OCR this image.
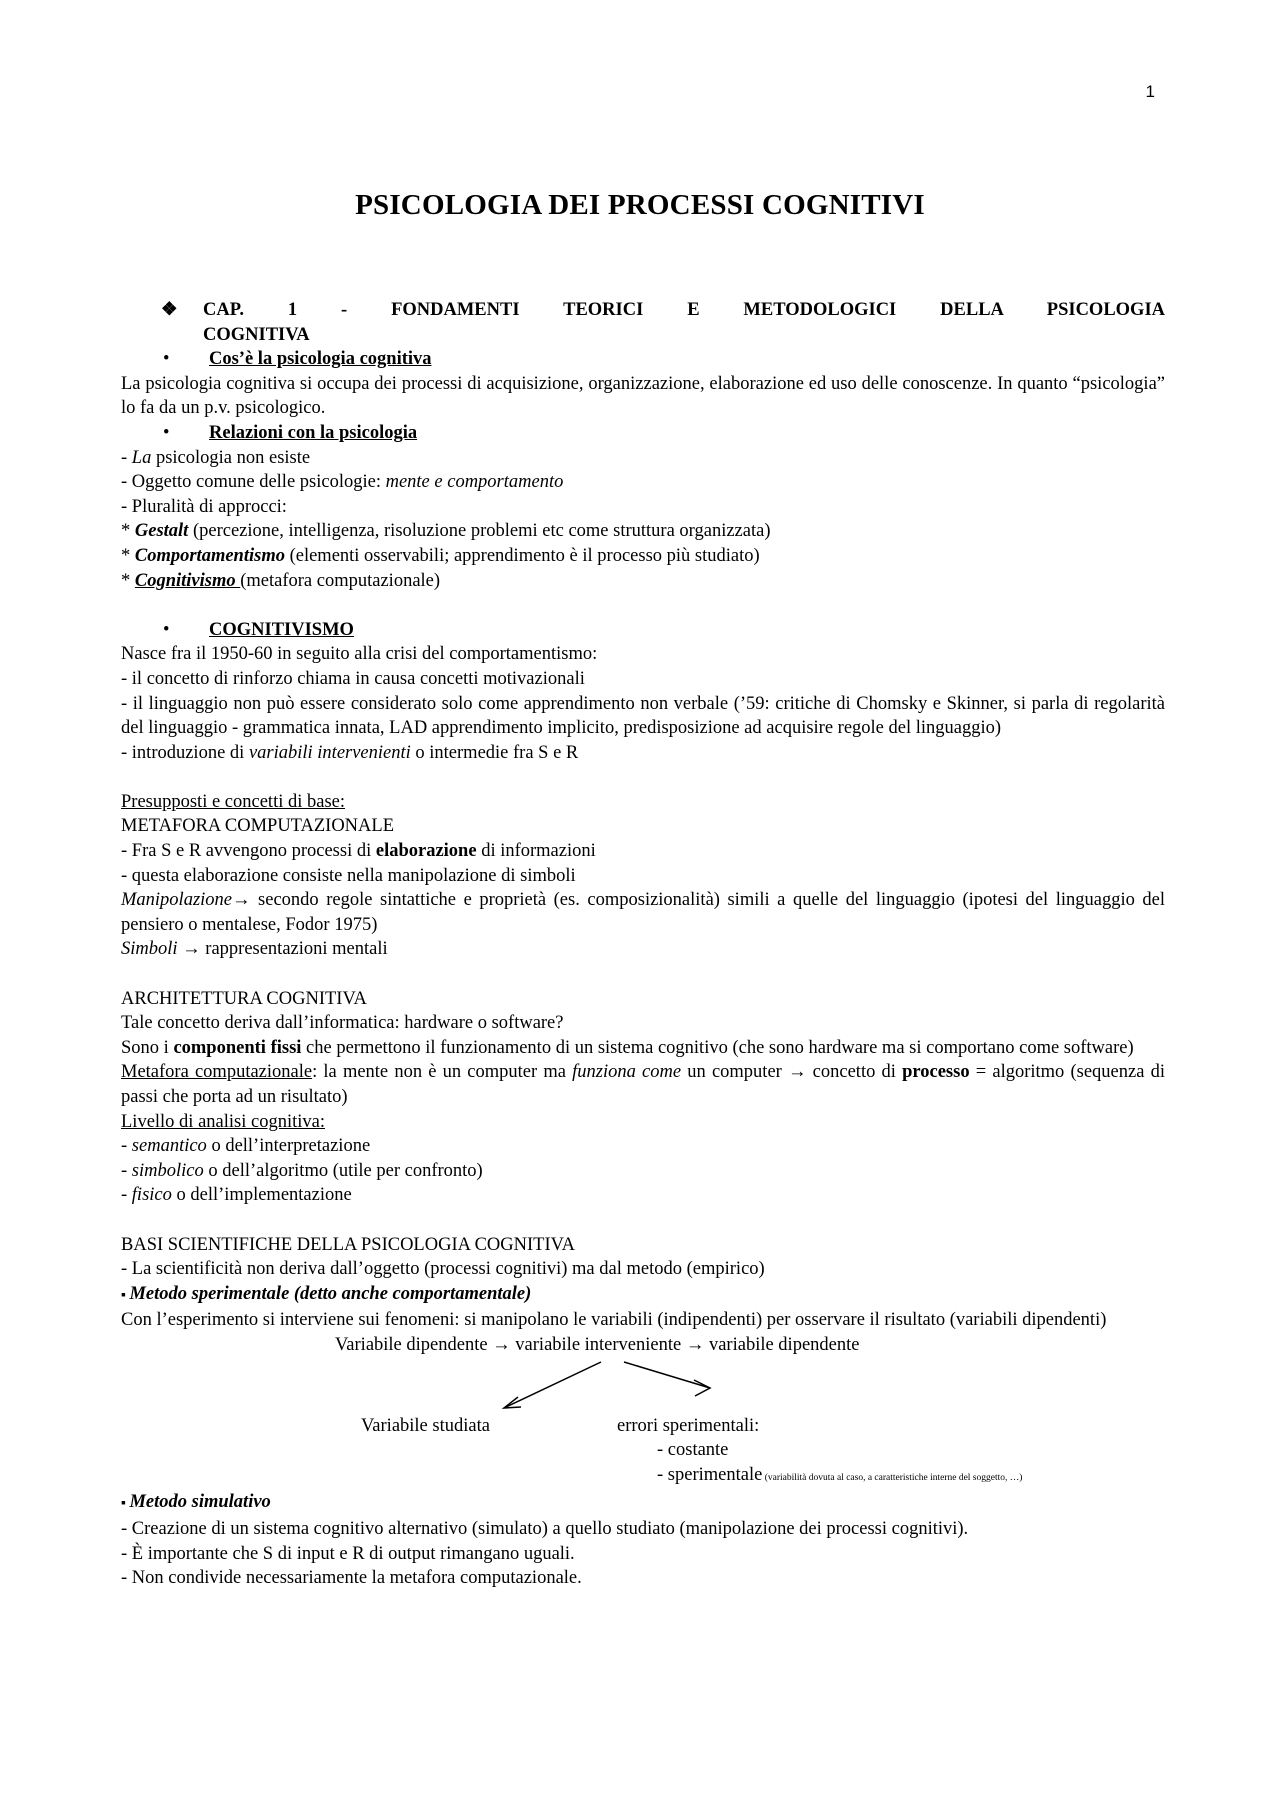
1
PSICOLOGIA DEI PROCESSI COGNITIVI
❖	CAP. 1 - FONDAMENTI TEORICI E METODOLOGICI DELLA PSICOLOGIA

COGNITIVA

•	Cos’è la psicologia cognitiva

La psicologia cognitiva si occupa dei processi di acquisizione, organizzazione, elaborazione ed uso delle conoscenze. In quanto “psicologia” lo fa da un p.v. psicologico.

•	Relazioni con la psicologia

- La psicologia non esiste

- Oggetto comune delle psicologie: mente e comportamento

- Pluralità di approcci:

* Gestalt (percezione, intelligenza, risoluzione problemi etc come struttura organizzata)

* Comportamentismo (elementi osservabili; apprendimento è il processo più studiato)

* Cognitivismo (metafora computazionale)

•	COGNITIVISMO

Nasce fra il 1950-60 in seguito alla crisi del comportamentismo:

- il concetto di rinforzo chiama in causa concetti motivazionali

- il linguaggio non può essere considerato solo come apprendimento non verbale (’59: critiche di Chomsky e Skinner, si parla di regolarità del linguaggio - grammatica innata, LAD apprendimento implicito, predisposizione ad acquisire regole del linguaggio)

- introduzione di variabili intervenienti o intermedie fra S e R

Presupposti e concetti di base:

METAFORA COMPUTAZIONALE

- Fra S e R avvengono processi di elaborazione di informazioni

- questa elaborazione consiste nella manipolazione di simboli

Manipolazione→ secondo regole sintattiche e proprietà (es. composizionalità) simili a quelle del linguaggio (ipotesi del linguaggio del pensiero o mentalese, Fodor 1975)

Simboli → rappresentazioni mentali

ARCHITETTURA COGNITIVA

Tale concetto deriva dall’informatica: hardware o software?

Sono i componenti fissi che permettono il funzionamento di un sistema cognitivo (che sono hardware ma si comportano come software)

Metafora computazionale: la mente non è un computer ma funziona come un computer → concetto di processo = algoritmo (sequenza di passi che porta ad un risultato)

Livello di analisi cognitiva:

- semantico o dell’interpretazione

- simbolico o dell’algoritmo (utile per confronto)

- fisico o dell’implementazione

BASI SCIENTIFICHE DELLA PSICOLOGIA COGNITIVA

- La scientificità non deriva dall’oggetto (processi cognitivi) ma dal metodo (empirico)

▪ Metodo sperimentale (detto anche comportamentale)

Con l’esperimento si interviene sui fenomeni: si manipolano le variabili (indipendenti) per osservare il risultato (variabili dipendenti)

Variabile dipendente → variabile interveniente → variabile dipendente

Variabile studiata	errori sperimentali:

- costante

- sperimentale (variabilità dovuta al caso, a caratteristiche interne del soggetto, …)

▪ Metodo simulativo

- Creazione di un sistema cognitivo alternativo (simulato) a quello studiato (manipolazione dei processi cognitivi).

- È importante che S di input e R di output rimangano uguali.

- Non condivide necessariamente la metafora computazionale.
